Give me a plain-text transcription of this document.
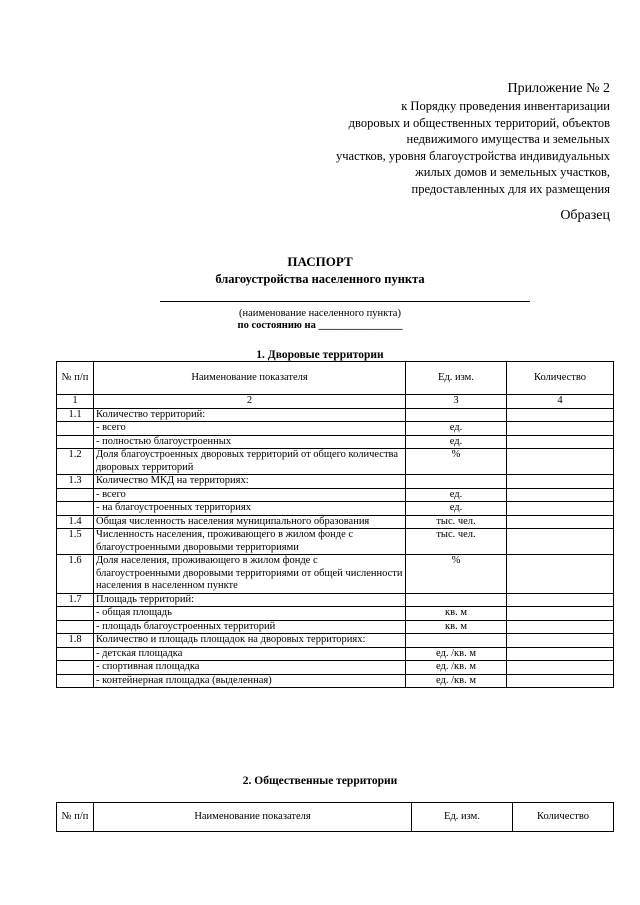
Приложение № 2
к Порядку проведения инвентаризации
дворовых и общественных территорий, объектов
недвижимого имущества и земельных
участков, уровня благоустройства индивидуальных
жилых домов и земельных участков,
предоставленных для их размещения
Образец
ПАСПОРТ
благоустройства населенного пункта
(наименование населенного пункта)
по состоянию на ________________
1. Дворовые территории
№ п/п	Наименование показателя	Ед. изм.	Количество
1	2	3	4
1.1	Количество территорий:		
	- всего	ед.	
	- полностью благоустроенных	ед.	
1.2	Доля благоустроенных дворовых территорий от общего количества дворовых территорий	%	
1.3	Количество МКД на территориях:		
	- всего	ед.	
	- на благоустроенных территориях	ед.	
1.4	Общая численность населения муниципального образования	тыс. чел.	
1.5	Численность населения, проживающего в жилом фонде с благоустроенными дворовыми территориями	тыс. чел.	
1.6	Доля населения, проживающего в жилом фонде с благоустроенными дворовыми территориями от общей численности населения в населенном пункте	%	
1.7	Площадь территорий:		
	- общая площадь	кв. м	
	- площадь благоустроенных территорий	кв. м	
1.8	Количество и площадь площадок на дворовых территориях:		
	- детская площадка	ед. /кв. м	
	- спортивная площадка	ед. /кв. м	
	- контейнерная площадка (выделенная)	ед. /кв. м	
2. Общественные территории
№ п/п	Наименование показателя	Ед. изм.	Количество
